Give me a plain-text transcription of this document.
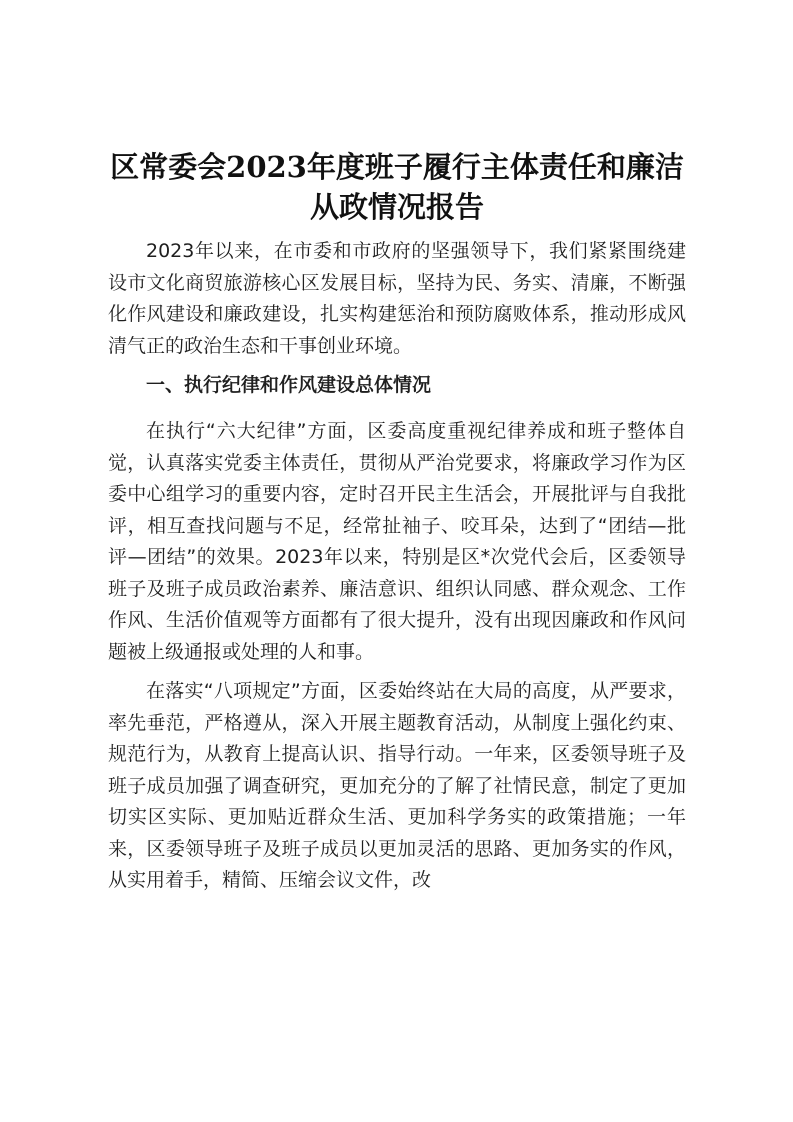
区常委会2023年度班子履行主体责任和廉洁
从政情况报告

2023年以来，在市委和市政府的坚强领导下，我们紧紧围绕建设市文化商贸旅游核心区发展目标，坚持为民、务实、清廉，不断强化作风建设和廉政建设，扎实构建惩治和预防腐败体系，推动形成风清气正的政治生态和干事创业环境。

一、执行纪律和作风建设总体情况

在执行“六大纪律”方面，区委高度重视纪律养成和班子整体自觉，认真落实党委主体责任，贯彻从严治党要求，将廉政学习作为区委中心组学习的重要内容，定时召开民主生活会，开展批评与自我批评，相互查找问题与不足，经常扯袖子、咬耳朵，达到了“团结—批评—团结”的效果。2023年以来，特别是区*次党代会后，区委领导班子及班子成员政治素养、廉洁意识、组织认同感、群众观念、工作作风、生活价值观等方面都有了很大提升，没有出现因廉政和作风问题被上级通报或处理的人和事。

在落实“八项规定”方面，区委始终站在大局的高度，从严要求，率先垂范，严格遵从，深入开展主题教育活动，从制度上强化约束、规范行为，从教育上提高认识、指导行动。一年来，区委领导班子及班子成员加强了调查研究，更加充分的了解了社情民意，制定了更加切实区实际、更加贴近群众生活、更加科学务实的政策措施；一年来，区委领导班子及班子成员以更加灵活的思路、更加务实的作风，从实用着手，精简、压缩会议文件，改
